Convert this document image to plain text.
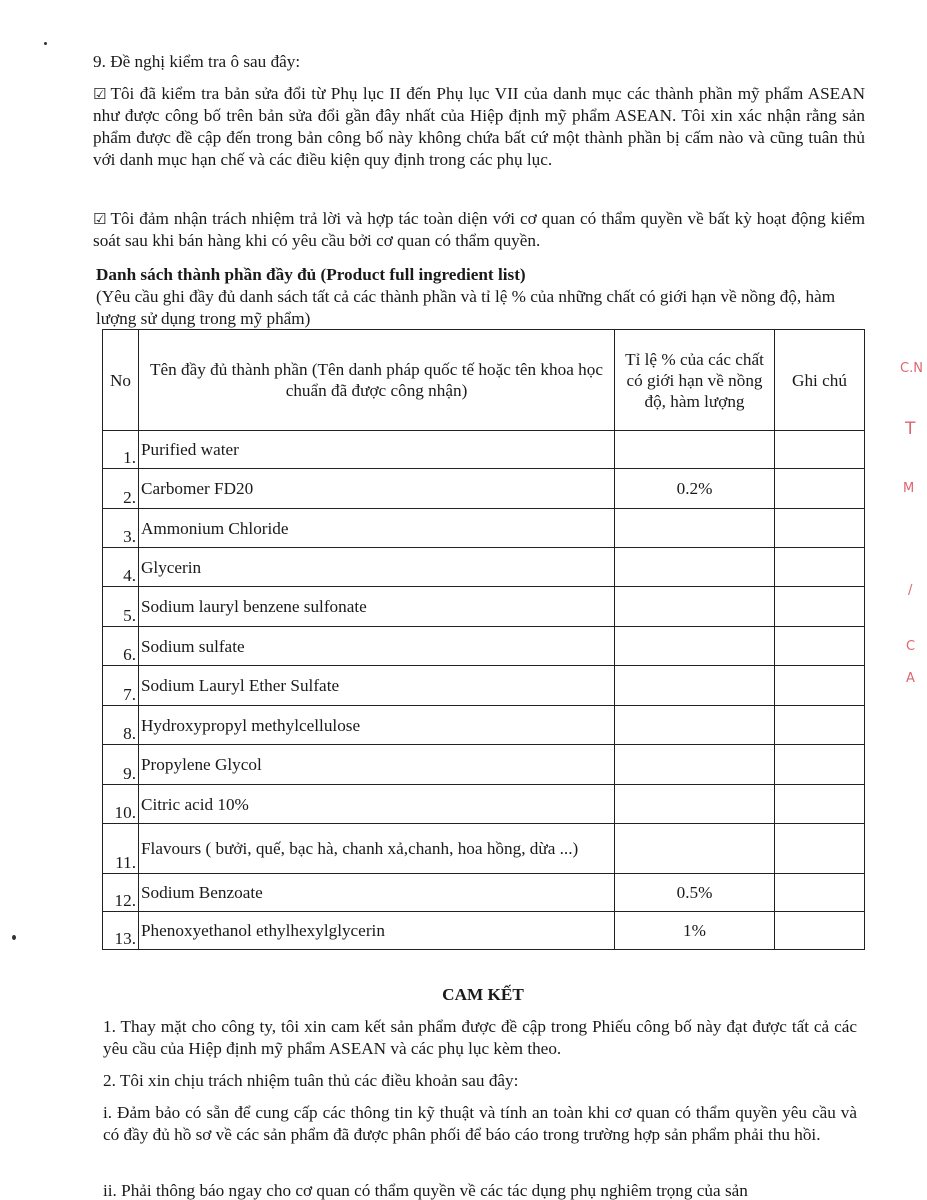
9. Đề nghị kiểm tra ô sau đây:

☑ Tôi đã kiểm tra bản sửa đổi từ Phụ lục II đến Phụ lục VII của danh mục các thành phần mỹ phẩm ASEAN như được công bố trên bản sửa đổi gần đây nhất của Hiệp định mỹ phẩm ASEAN. Tôi xin xác nhận rằng sản phẩm được đề cập đến trong bản công bố này không chứa bất cứ một thành phần bị cấm nào và cũng tuân thủ với danh mục hạn chế và các điều kiện quy định trong các phụ lục.
☑ Tôi đảm nhận trách nhiệm trả lời và hợp tác toàn diện với cơ quan có thẩm quyền về bất kỳ hoạt động kiểm soát sau khi bán hàng khi có yêu cầu bởi cơ quan có thẩm quyền.

Danh sách thành phần đầy đủ (Product full ingredient list)

(Yêu cầu ghi đầy đủ danh sách tất cả các thành phần và tỉ lệ % của những chất có giới hạn về nồng độ, hàm lượng sử dụng trong mỹ phẩm)

No	Tên đầy đủ thành phần (Tên danh pháp quốc tế hoặc tên khoa học chuẩn đã được công nhận)	Tỉ lệ % của các chất có giới hạn về nồng độ, hàm lượng	Ghi chú
1.	Purified water		
2.	Carbomer FD20	0.2%	
3.	Ammonium Chloride		
4.	Glycerin		
5.	Sodium lauryl benzene sulfonate		
6.	Sodium sulfate		
7.	Sodium Lauryl Ether Sulfate		
8.	Hydroxypropyl methylcellulose		
9.	Propylene Glycol		
10.	Citric acid 10%		
11.	Flavours ( bưởi, quế, bạc hà, chanh xả,chanh, hoa hồng, dừa ...)		
12.	Sodium Benzoate	0.5%	
13.	Phenoxyethanol ethylhexylglycerin	1%	

CAM KẾT

1. Thay mặt cho công ty, tôi xin cam kết sản phẩm được đề cập trong Phiếu công bố này đạt được tất cả các yêu cầu của Hiệp định mỹ phẩm ASEAN và các phụ lục kèm theo.

2. Tôi xin chịu trách nhiệm tuân thủ các điều khoản sau đây:

i. Đảm bảo có sẵn để cung cấp các thông tin kỹ thuật và tính an toàn khi cơ quan có thẩm quyền yêu cầu và có đầy đủ hồ sơ về các sản phẩm đã được phân phối để báo cáo trong trường hợp sản phẩm phải thu hồi.

ii. Phải thông báo ngay cho cơ quan có thẩm quyền về các tác dụng phụ nghiêm trọng của sản

C.N
T
M
/
C
A
